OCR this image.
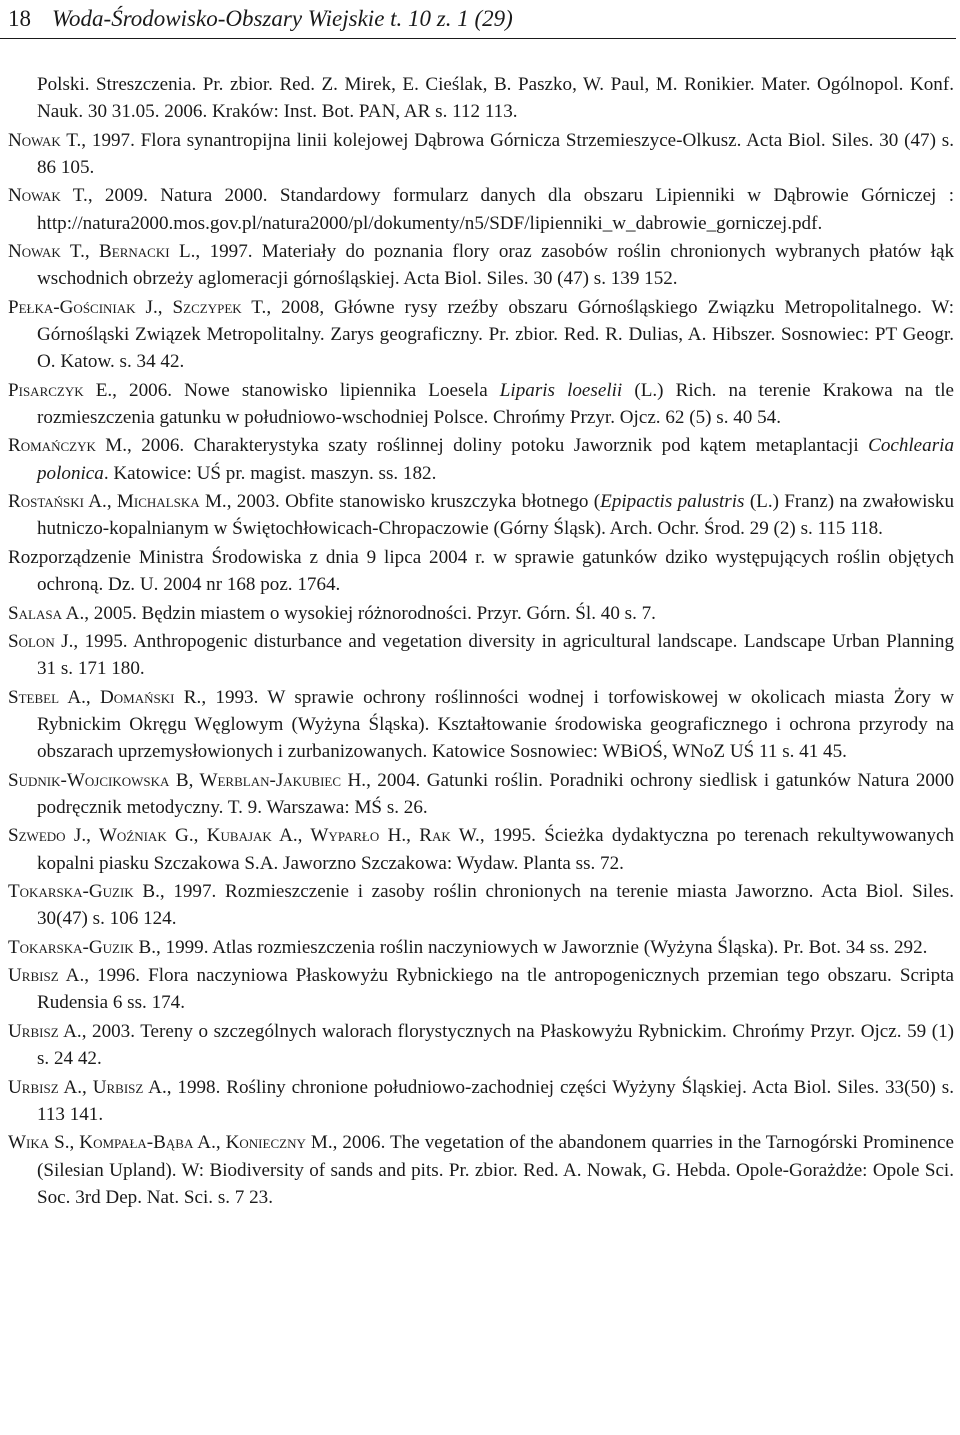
18 Woda-Środowisko-Obszary Wiejskie t. 10 z. 1 (29)
Polski. Streszczenia. Pr. zbior. Red. Z. Mirek, E. Cieślak, B. Paszko, W. Paul, M. Ronikier. Mater. Ogólnopol. Konf. Nauk. 30 31.05. 2006. Kraków: Inst. Bot. PAN, AR s. 112 113.
Nowak T., 1997. Flora synantropijna linii kolejowej Dąbrowa Górnicza Strzemieszyce-Olkusz. Acta Biol. Siles. 30 (47) s. 86 105.
Nowak T., 2009. Natura 2000. Standardowy formularz danych dla obszaru Lipienniki w Dąbrowie Górniczej : http://natura2000.mos.gov.pl/natura2000/pl/dokumenty/n5/SDF/lipienniki_w_dabrowie_gorniczej.pdf.
Nowak T., Bernacki L., 1997. Materiały do poznania flory oraz zasobów roślin chronionych wybranych płatów łąk wschodnich obrzeży aglomeracji górnośląskiej. Acta Biol. Siles. 30 (47) s. 139 152.
Pełka-Gościniak J., Szczypek T., 2008, Główne rysy rzeźby obszaru Górnośląskiego Związku Metropolitalnego. W: Górnośląski Związek Metropolitalny. Zarys geograficzny. Pr. zbior. Red. R. Dulias, A. Hibszer. Sosnowiec: PT Geogr. O. Katow. s. 34 42.
Pisarczyk E., 2006. Nowe stanowisko lipiennika Loesela Liparis loeselii (L.) Rich. na terenie Krakowa na tle rozmieszczenia gatunku w południowo-wschodniej Polsce. Chrońmy Przyr. Ojcz. 62 (5) s. 40 54.
Romańczyk M., 2006. Charakterystyka szaty roślinnej doliny potoku Jaworznik pod kątem metaplantacji Cochlearia polonica. Katowice: UŚ pr. magist. maszyn. ss. 182.
Rostański A., Michalska M., 2003. Obfite stanowisko kruszczyka błotnego (Epipactis palustris (L.) Franz) na zwałowisku hutniczo-kopalnianym w Świętochłowicach-Chropaczowie (Górny Śląsk). Arch. Ochr. Środ. 29 (2) s. 115 118.
Rozporządzenie Ministra Środowiska z dnia 9 lipca 2004 r. w sprawie gatunków dziko występujących roślin objętych ochroną. Dz. U. 2004 nr 168 poz. 1764.
Salasa A., 2005. Będzin miastem o wysokiej różnorodności. Przyr. Górn. Śl. 40 s. 7.
Solon J., 1995. Anthropogenic disturbance and vegetation diversity in agricultural landscape. Landscape Urban Planning 31 s. 171 180.
Stebel A., Domański R., 1993. W sprawie ochrony roślinności wodnej i torfowiskowej w okolicach miasta Żory w Rybnickim Okręgu Węglowym (Wyżyna Śląska). Kształtowanie środowiska geograficznego i ochrona przyrody na obszarach uprzemysłowionych i zurbanizowanych. Katowice Sosnowiec: WBiOŚ, WNoZ UŚ 11 s. 41 45.
Sudnik-Wojcikowska B, Werblan-Jakubiec H., 2004. Gatunki roślin. Poradniki ochrony siedlisk i gatunków Natura 2000 podręcznik metodyczny. T. 9. Warszawa: MŚ s. 26.
Szwedo J., Woźniak G., Kubajak A., Wyparło H., Rak W., 1995. Ścieżka dydaktyczna po terenach rekultywowanych kopalni piasku Szczakowa S.A. Jaworzno Szczakowa: Wydaw. Planta ss. 72.
Tokarska-Guzik B., 1997. Rozmieszczenie i zasoby roślin chronionych na terenie miasta Jaworzno. Acta Biol. Siles. 30(47) s. 106 124.
Tokarska-Guzik B., 1999. Atlas rozmieszczenia roślin naczyniowych w Jaworznie (Wyżyna Śląska). Pr. Bot. 34 ss. 292.
Urbisz A., 1996. Flora naczyniowa Płaskowyżu Rybnickiego na tle antropogenicznych przemian tego obszaru. Scripta Rudensia 6 ss. 174.
Urbisz A., 2003. Tereny o szczególnych walorach florystycznych na Płaskowyżu Rybnickim. Chrońmy Przyr. Ojcz. 59 (1) s. 24 42.
Urbisz A., Urbisz A., 1998. Rośliny chronione południowo-zachodniej części Wyżyny Śląskiej. Acta Biol. Siles. 33(50) s. 113 141.
Wika S., Kompała-Bąba A., Konieczny M., 2006. The vegetation of the abandonem quarries in the Tarnogórski Prominence (Silesian Upland). W: Biodiversity of sands and pits. Pr. zbior. Red. A. Nowak, G. Hebda. Opole-Gorażdże: Opole Sci. Soc. 3rd Dep. Nat. Sci. s. 7 23.
